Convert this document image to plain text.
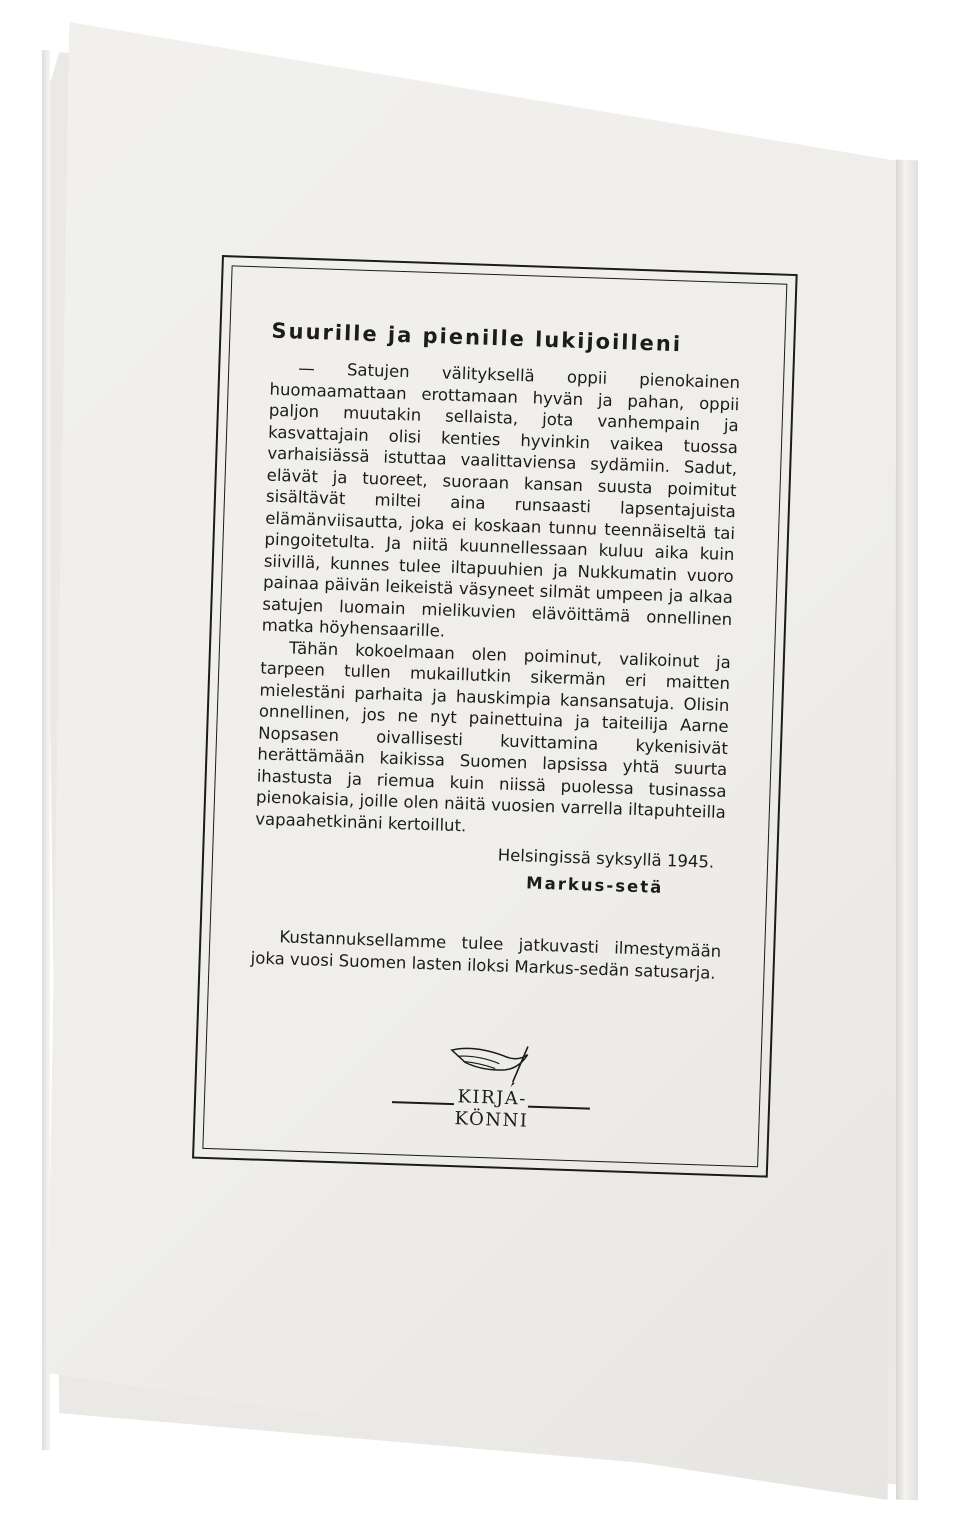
Suurille ja pienille lukijoilleni

— Satujen välityksellä oppii pienokainen huomaamattaan erottamaan hyvän ja pahan, oppii paljon muutakin sellaista, jota vanhempain ja kasvattajain olisi kenties hyvinkin vaikea tuossa varhaisiässä istuttaa vaalittaviensa sydämiin. Sadut, elävät ja tuoreet, suoraan kansan suusta poimitut sisältävät miltei aina runsaasti lapsentajuista elämänviisautta, joka ei koskaan tunnu teennäiseltä tai pingoitetulta. Ja niitä kuunnellessaan kuluu aika kuin siivillä, kunnes tulee iltapuuhien ja Nukkumatin vuoro painaa päivän leikeistä väsyneet silmät umpeen ja alkaa satujen luomain mielikuvien elävöittämä onnellinen matka höyhensaarille.

Tähän kokoelmaan olen poiminut, valikoinut ja tarpeen tullen mukaillutkin sikermän eri maitten mielestäni parhaita ja hauskimpia kansansatuja. Olisin onnellinen, jos ne nyt painettuina ja taiteilija Aarne Nopsasen oivallisesti kuvittamina kykenisivät herättämään kaikissa Suomen lapsissa yhtä suurta ihastusta ja riemua kuin niissä puolessa tusinassa pienokaisia, joille olen näitä vuosien varrella iltapuhteilla vapaahetkinäni kertoillut.

Helsingissä syksyllä 1945.
Markus-setä

Kustannuksellamme tulee jatkuvasti ilmestymään joka vuosi Suomen lasten iloksi Markus-sedän satusarja.

KIRJA-
KÖNNI
